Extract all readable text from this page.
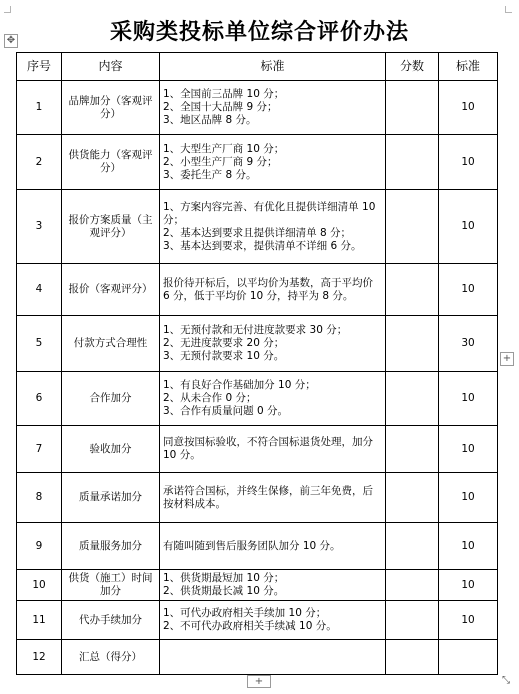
采购类投标单位综合评价办法
✥
序号	内容	标准	分数	标准
1	品牌加分（客观评分）	1、全国前三品牌 10 分；
2、全国十大品牌 9 分；
3、地区品牌 8 分。		10
2	供货能力（客观评分）	1、大型生产厂商 10 分；
2、小型生产厂商 9 分；
3、委托生产 8 分。		10
3	报价方案质量（主观评分）	1、方案内容完善、有优化且提供详细清单 10 分；
2、基本达到要求且提供详细清单 8 分；
3、基本达到要求，提供清单不详细 6 分。		10
4	报价（客观评分）	报价待开标后，以平均价为基数，高于平均价 6 分，低于平均价 10 分，持平为 8 分。		10
5	付款方式合理性	1、无预付款和无付进度款要求 30 分；
2、无进度款要求 20 分；
3、无预付款要求 10 分。		30
6	合作加分	1、有良好合作基础加分 10 分；
2、从未合作 0 分；
3、合作有质量问题 0 分。		10
7	验收加分	同意按国标验收，不符合国标退货处理，加分 10 分。		10
8	质量承诺加分	承诺符合国标，并终生保修，前三年免费，后按材料成本。		10
9	质量服务加分	有随叫随到售后服务团队加分 10 分。		10
10	供货（施工）时间加分	1、供货期最短加 10 分；
2、供货期最长减 10 分。		10
11	代办手续加分	1、可代办政府相关手续加 10 分；
2、不可代办政府相关手续减 10 分。		10
12	汇总（得分）			
+
+	⤡
